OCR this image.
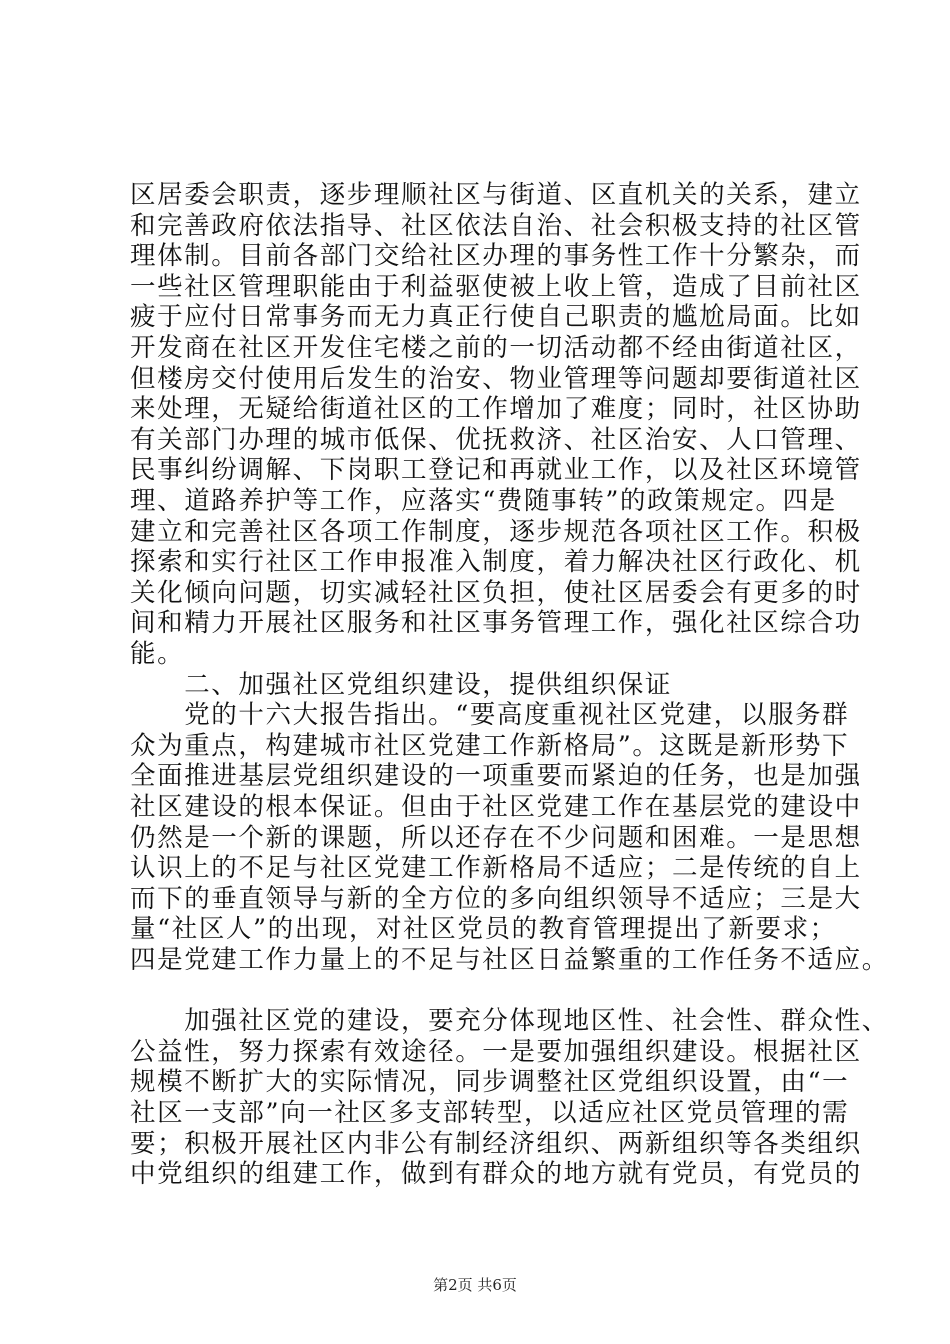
区居委会职责，逐步理顺社区与街道、区直机关的关系，建立
和完善政府依法指导、社区依法自治、社会积极支持的社区管
理体制。目前各部门交给社区办理的事务性工作十分繁杂，而
一些社区管理职能由于利益驱使被上收上管，造成了目前社区
疲于应付日常事务而无力真正行使自己职责的尴尬局面。比如
开发商在社区开发住宅楼之前的一切活动都不经由街道社区，
但楼房交付使用后发生的治安、物业管理等问题却要街道社区
来处理，无疑给街道社区的工作增加了难度；同时，社区协助
有关部门办理的城市低保、优抚救济、社区治安、人口管理、
民事纠纷调解、下岗职工登记和再就业工作，以及社区环境管
理、道路养护等工作，应落实“费随事转”的政策规定。四是
建立和完善社区各项工作制度，逐步规范各项社区工作。积极
探索和实行社区工作申报准入制度，着力解决社区行政化、机
关化倾向问题，切实减轻社区负担，使社区居委会有更多的时
间和精力开展社区服务和社区事务管理工作，强化社区综合功
能。
　　二、加强社区党组织建设，提供组织保证
　　党的十六大报告指出。“要高度重视社区党建，以服务群
众为重点，构建城市社区党建工作新格局”。这既是新形势下
全面推进基层党组织建设的一项重要而紧迫的任务，也是加强
社区建设的根本保证。但由于社区党建工作在基层党的建设中
仍然是一个新的课题，所以还存在不少问题和困难。一是思想
认识上的不足与社区党建工作新格局不适应；二是传统的自上
而下的垂直领导与新的全方位的多向组织领导不适应；三是大
量“社区人”的出现，对社区党员的教育管理提出了新要求；
四是党建工作力量上的不足与社区日益繁重的工作任务不适应。
　　加强社区党的建设，要充分体现地区性、社会性、群众性、
公益性，努力探索有效途径。一是要加强组织建设。根据社区
规模不断扩大的实际情况，同步调整社区党组织设置，由“一
社区一支部”向一社区多支部转型，以适应社区党员管理的需
要；积极开展社区内非公有制经济组织、两新组织等各类组织
中党组织的组建工作，做到有群众的地方就有党员，有党员的
第2页 共6页
